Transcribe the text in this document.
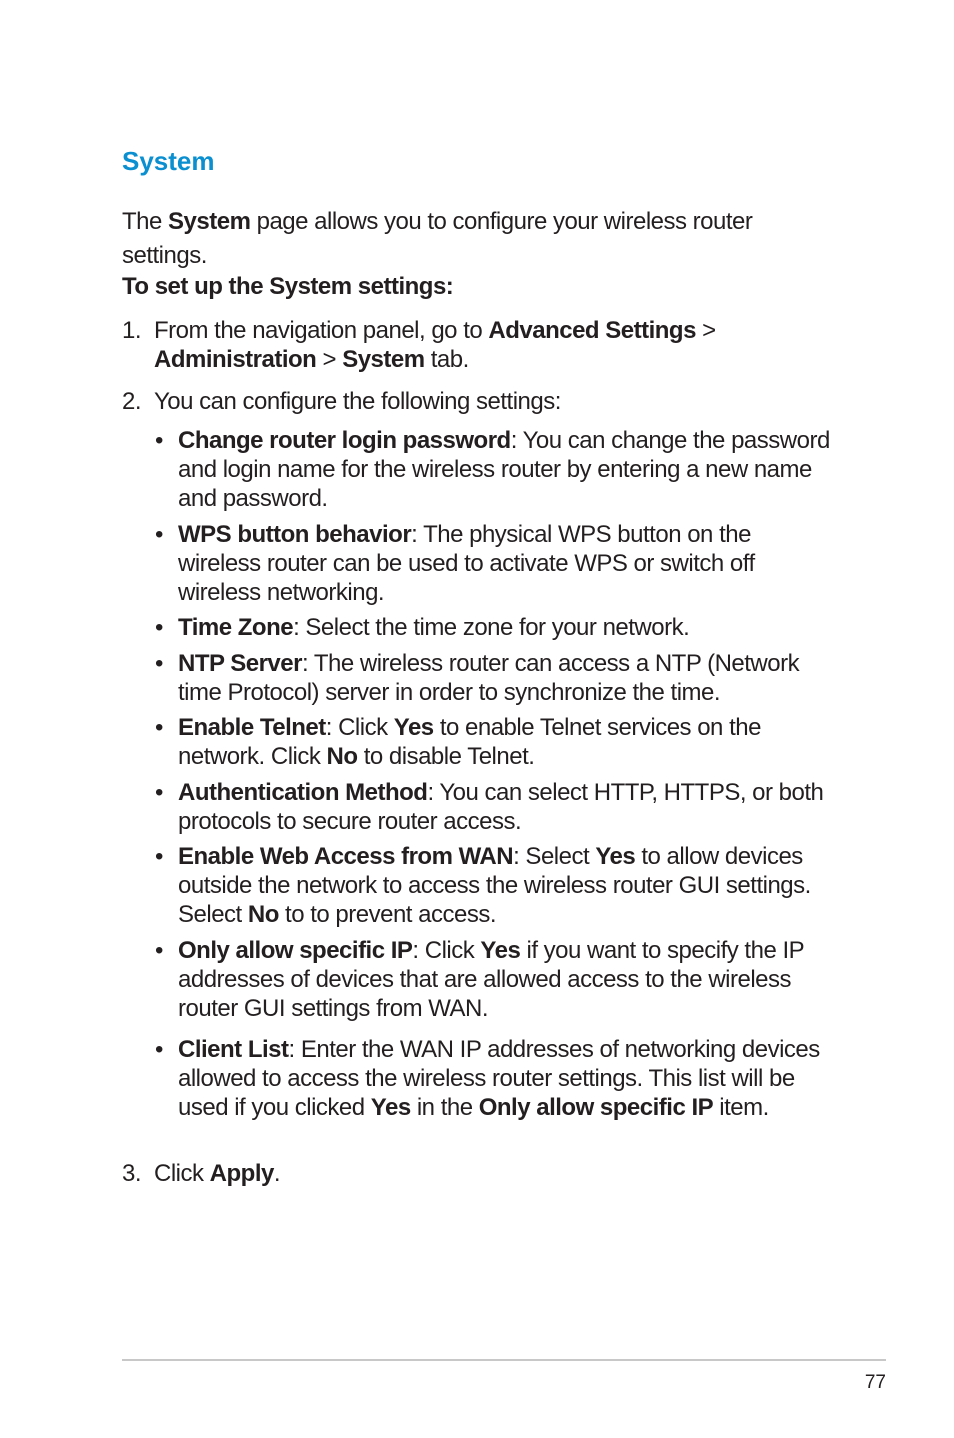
System
The System page allows you to configure your wireless router settings.
To set up the System settings:
1. From the navigation panel, go to Advanced Settings > Administration > System tab.
2. You can configure the following settings:
• Change router login password: You can change the password and login name for the wireless router by entering a new name and password.
• WPS button behavior: The physical WPS button on the wireless router can be used to activate WPS or switch off wireless networking.
• Time Zone: Select the time zone for your network.
• NTP Server: The wireless router can access a NTP (Network time Protocol) server in order to synchronize the time.
• Enable Telnet: Click Yes to enable Telnet services on the network. Click No to disable Telnet.
• Authentication Method: You can select HTTP, HTTPS, or both protocols to secure router access.
• Enable Web Access from WAN: Select Yes to allow devices outside the network to access the wireless router GUI settings. Select No to to prevent access.
• Only allow specific IP: Click Yes if you want to specify the IP addresses of devices that are allowed access to the wireless router GUI settings from WAN.
• Client List: Enter the WAN IP addresses of networking devices allowed to access the wireless router settings. This list will be used if you clicked Yes in the Only allow specific IP item.
3. Click Apply.
77
